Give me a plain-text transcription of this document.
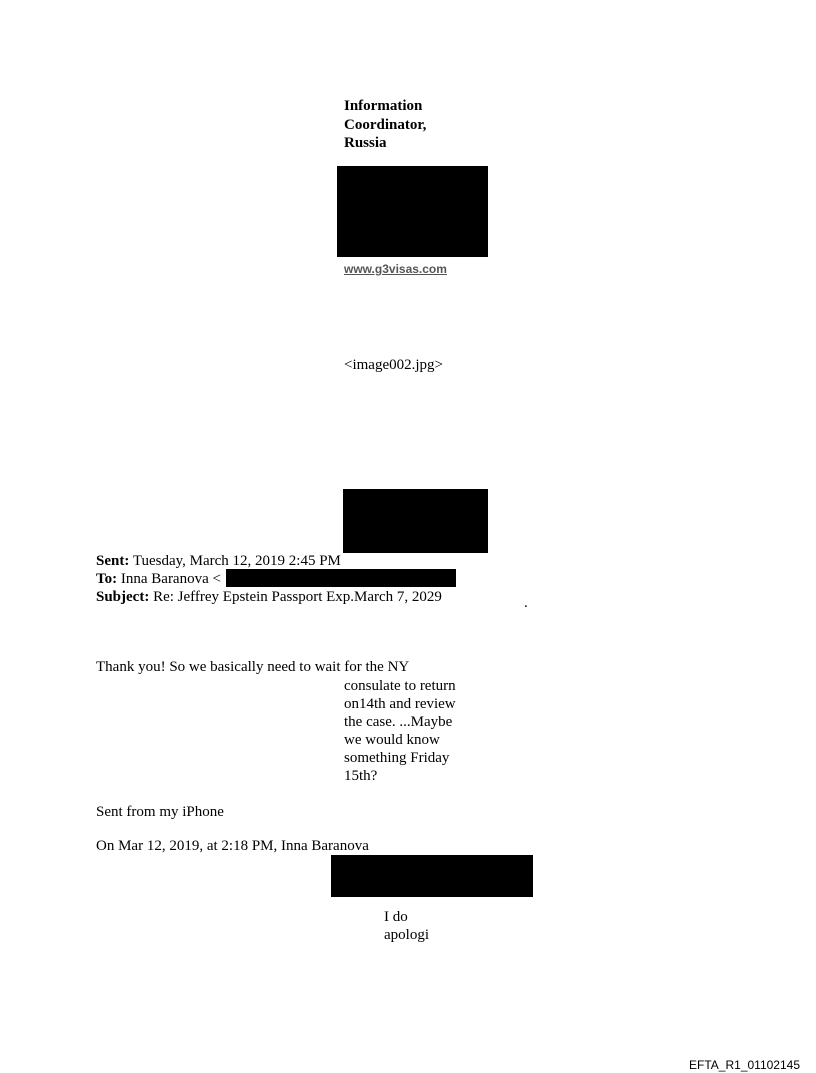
Information
Coordinator,
Russia
www.g3visas.com
<image002.jpg>
Sent: Tuesday, March 12, 2019 2:45 PM
To: Inna Baranova <
Subject: Re: Jeffrey Epstein Passport Exp.March 7, 2029	.
Thank you! So we basically need to wait for the NY
consulate to return
on14th and review
the case. ...Maybe
we would know
something Friday
15th?
Sent from my iPhone
On Mar 12, 2019, at 2:18 PM, Inna Baranova
I do
apologi
EFTA_R1_01102145
